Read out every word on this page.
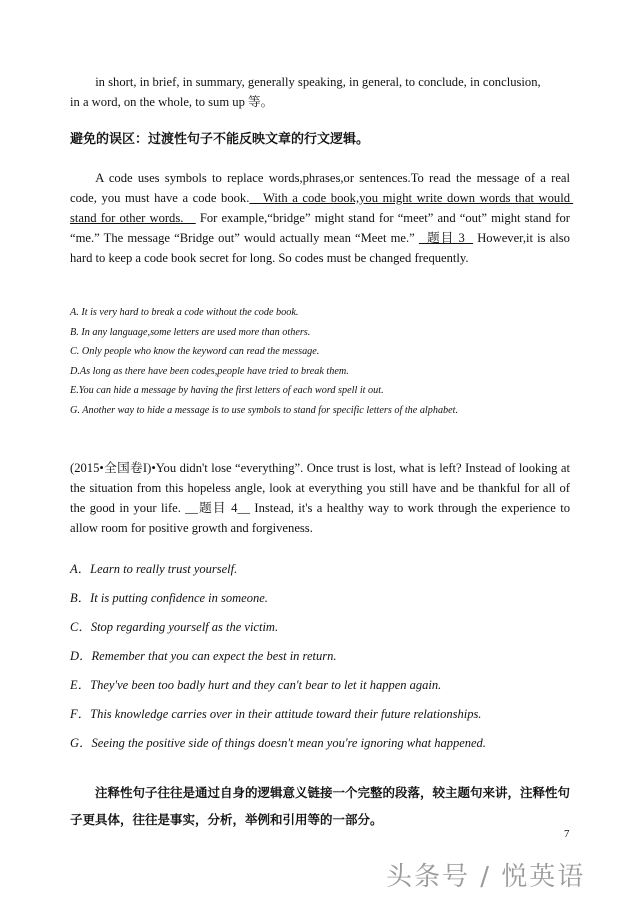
in short, in brief, in summary, generally speaking, in general, to conclude, in conclusion,
in a word, on the whole, to sum up 等。
避免的误区：过渡性句子不能反映文章的行文逻辑。
A code uses symbols to replace words,phrases,or sentences.To read the message of a real code, you must have a code book.   With a code book,you might write down words that would stand for other words.    For example,“bridge” might stand for “meet” and “out” might stand for “me.” The message “Bridge out” would actually mean “Meet me.”   题目 3   However,it is also hard to keep a code book secret for long. So codes must be changed frequently.
A. It is very hard to break a code without the code book.
B. In any language,some letters are used more than others.
C. Only people who know the keyword can read the message.
D.As long as there have been codes,people have tried to break them.
E.You can hide a message by having the first letters of each word spell it out.
G. Another way to hide a message is to use symbols to stand for specific letters of the alphabet.
(2015•全国卷I)•You didn't lose “everything”. Once trust is lost, what is left? Instead of looking at the situation from this hopeless angle, look at everything you still have and be thankful for all of the good in your life. __题目 4__ Instead, it's a healthy way to work through the experience to allow room for positive growth and forgiveness.
A．Learn to really trust yourself.
B．It is putting confidence in someone.
C．Stop regarding yourself as the victim.
D．Remember that you can expect the best in return.
E．They've been too badly hurt and they can't bear to let it happen again.
F．This knowledge carries over in their attitude toward their future relationships.
G．Seeing the positive side of things doesn't mean you're ignoring what happened.
注释性句子往往是通过自身的逻辑意义链接一个完整的段落，较主题句来讲，注释性句子更具体，往往是事实，分析，举例和引用等的一部分。
7
头条号 / 悦英语
